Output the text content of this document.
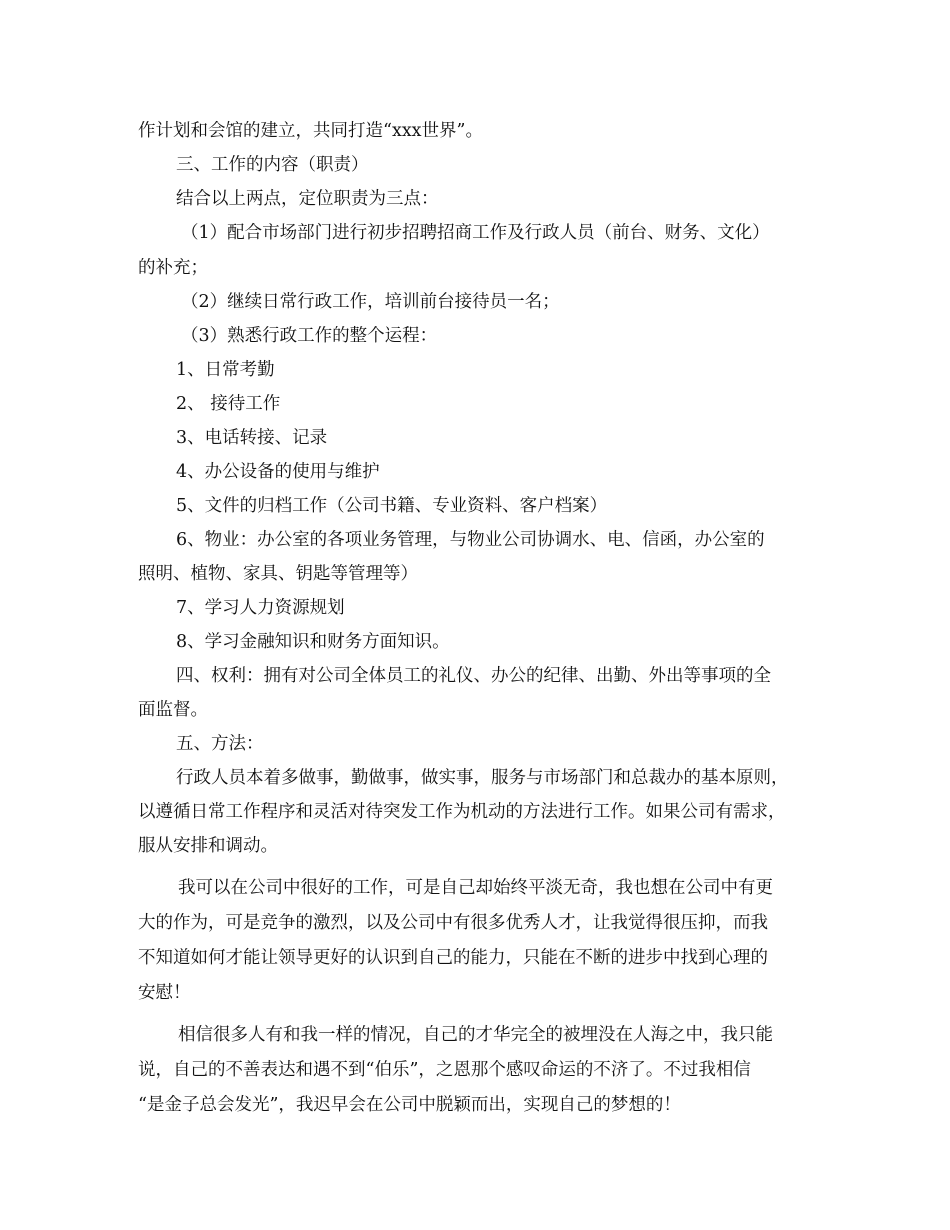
作计划和会馆的建立，共同打造“xxx世界”。

三、工作的内容（职责）

结合以上两点，定位职责为三点：

（1）配合市场部门进行初步招聘招商工作及行政人员（前台、财务、文化）

的补充；

（2）继续日常行政工作，培训前台接待员一名；

（3）熟悉行政工作的整个运程：

1、日常考勤

2、 接待工作

3、电话转接、记录

4、办公设备的使用与维护

5、文件的归档工作（公司书籍、专业资料、客户档案）

6、物业：办公室的各项业务管理，与物业公司协调水、电、信函，办公室的

照明、植物、家具、钥匙等管理等）

7、学习人力资源规划

8、学习金融知识和财务方面知识。

四、权利：拥有对公司全体员工的礼仪、办公的纪律、出勤、外出等事项的全

面监督。

五、方法：

行政人员本着多做事，勤做事，做实事，服务与市场部门和总裁办的基本原则，

以遵循日常工作程序和灵活对待突发工作为机动的方法进行工作。如果公司有需求，

服从安排和调动。

我可以在公司中很好的工作，可是自己却始终平淡无奇，我也想在公司中有更

大的作为，可是竞争的激烈，以及公司中有很多优秀人才，让我觉得很压抑，而我

不知道如何才能让领导更好的认识到自己的能力，只能在不断的进步中找到心理的

安慰！

相信很多人有和我一样的情况，自己的才华完全的被埋没在人海之中，我只能

说，自己的不善表达和遇不到“伯乐”，之恩那个感叹命运的不济了。不过我相信

“是金子总会发光”，我迟早会在公司中脱颖而出，实现自己的梦想的！
